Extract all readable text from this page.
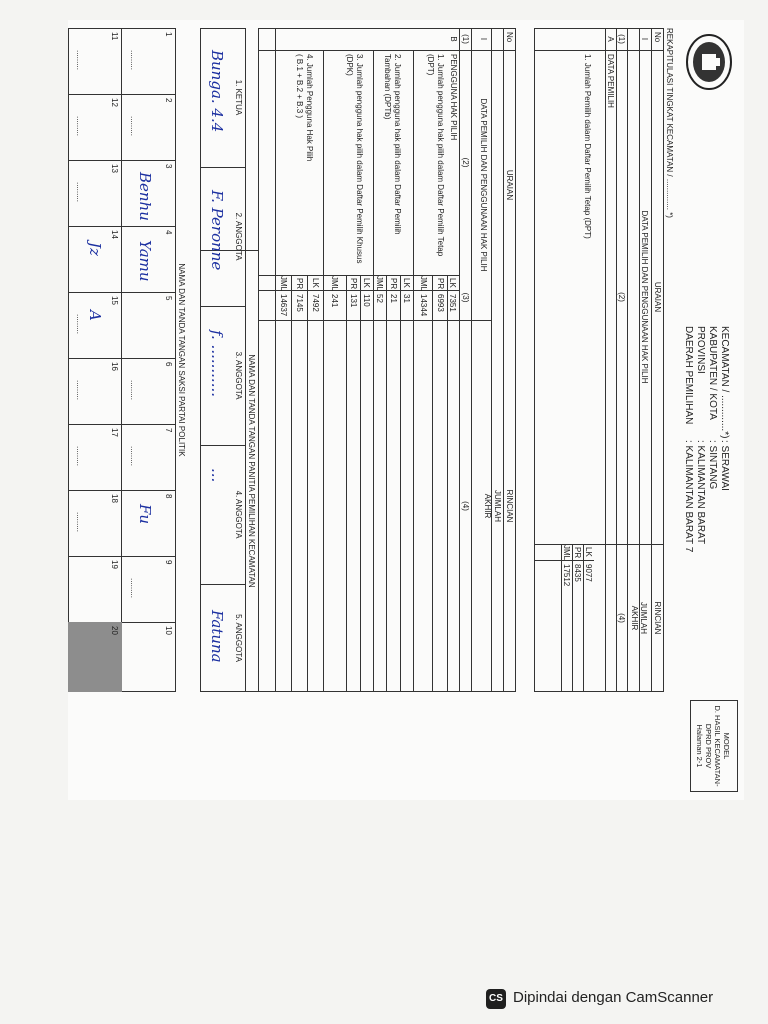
KECAMATAN / .............*)
KABUPATEN / KOTA
PROVINSI
DAERAH PEMILIHAN
: SERAWAI
: SINTANG
: KALIMANTAN BARAT
: KALIMANTAN BARAT 7
MODEL
D. HASIL KECAMATAN-
DPRD PROV
Halaman 2-1
REKAPITULASI TINGKAT KECAMATAN / .............. *)
No
URAIAN
RINCIAN
JUMLAH
AKHIR
I
DATA PEMILIH DAN PENGGUNAAN HAK PILIH
(1)
(2)
(4)
A
DATA PEMILIH
1. Jumlah Pemilih dalam Daftar Pemilih Tetap (DPT)
LK
9077
PR
8435
JML
17512
No
URAIAN
RINCIAN
JUMLAH
AKHIR
I
DATA PEMILIH DAN PENGGUNAAN HAK PILIH
(1)
(2)
(3)
(4)
B
PENGGUNA HAK PILIH
1. Jumlah pengguna hak pilih dalam Daftar Pemilih Tetap
(DPT)
LK
7351
PR
6993
JML
14344
2. Jumlah pengguna hak pilih dalam Daftar Pemilih
Tambahan (DPTb)
LK
31
PR
21
JML
52
3. Jumlah pengguna hak pilih dalam Daftar Pemilih Khusus
(DPK)
LK
110
PR
131
JML
241
4. Jumlah Pengguna Hak Pilih
( B.1 + B.2 + B.3 )
LK
7492
PR
7145
JML
14637
NAMA DAN TANDA TANGAN PANITIA PEMILIHAN KECAMATAN
1. KETUA
2. ANGGOTA
3. ANGGOTA
4. ANGGOTA
5. ANGGOTA
Bunga. 4.4
F. Peronne
f. ...........
...
Fatuna
NAMA DAN TANDA TANGAN SAKSI PARTAI POLITIK
1
2
3
4
5
6
7
8
9
10
11
12
13
14
15
16
17
18
19
20
.........
.........
.........
.........
.........
.........
.........
.........
.........
.........
.........
.........
Benhu
Yamu
Jz
A
Fu
CS Dipindai dengan CamScanner
